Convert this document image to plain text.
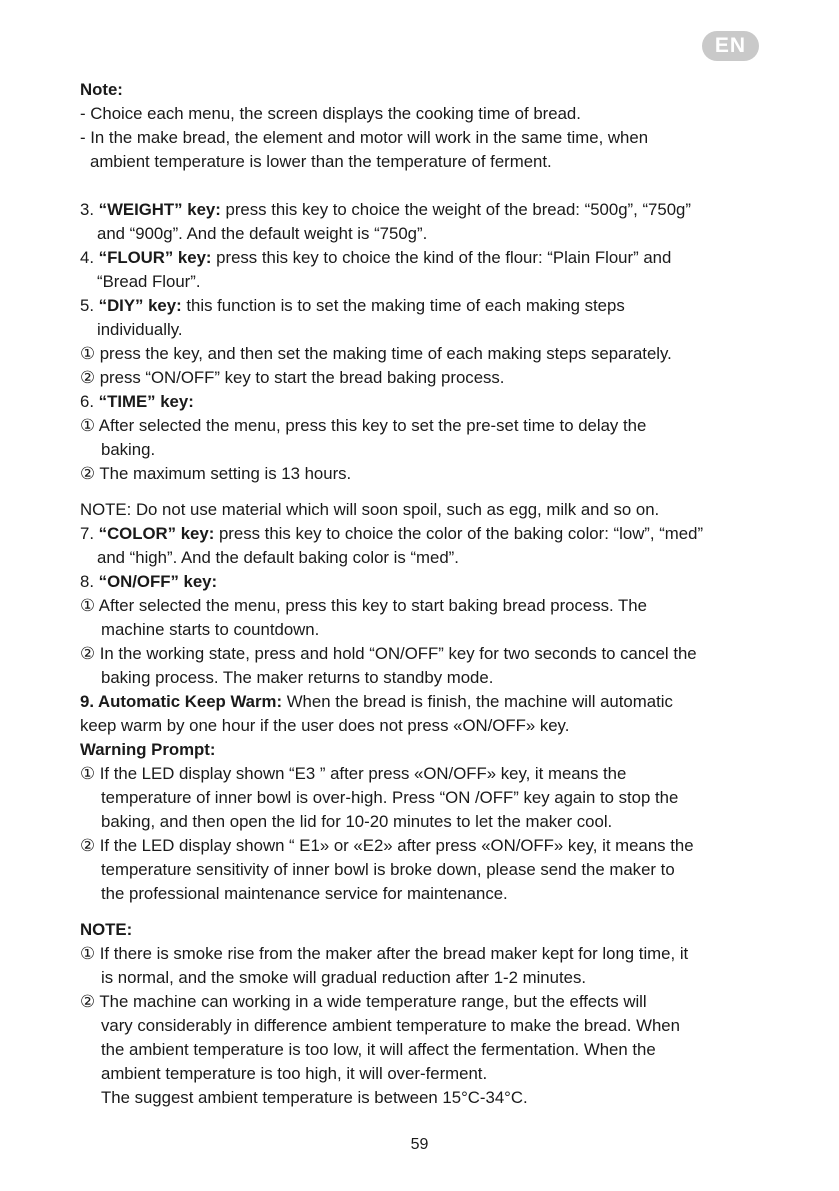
EN
Note:
- Choice each menu, the screen displays the cooking time of bread.
- In the make bread, the element and motor will work in the same time, when
ambient temperature is lower than the temperature of ferment.
3. “WEIGHT” key: press this key to choice the weight of the bread: “500g”, “750g”
and “900g”. And the default weight is “750g”.
4. “FLOUR” key: press this key to choice the kind of the flour: “Plain Flour” and
“Bread Flour”.
5. “DIY” key: this function is to set the making time of each making steps
individually.
① press the key, and then set the making time of each making steps separately.
② press “ON/OFF” key to start the bread baking process.
6. “TIME” key:
① After selected the menu, press this key to set the pre-set time to delay the
baking.
② The maximum setting is 13 hours.
NOTE: Do not use material which will soon spoil, such as egg, milk and so on.
7. “COLOR” key: press this key to choice the color of the baking color: “low”, “med”
and “high”. And the default baking color is “med”.
8. “ON/OFF” key:
① After selected the menu, press this key to start baking bread process. The
machine starts to countdown.
② In the working state, press and hold “ON/OFF” key for two seconds to cancel the
baking process. The maker returns to standby mode.
9. Automatic Keep Warm: When the bread is finish, the machine will automatic
keep warm by one hour if the user does not press «ON/OFF» key.
Warning Prompt:
① If the LED display shown “E3 ” after press «ON/OFF» key, it means the
temperature of inner bowl is over-high. Press “ON /OFF” key again to stop the
baking, and then open the lid for 10-20 minutes to let the maker cool.
② If the LED display shown “ E1» or «E2» after press «ON/OFF» key, it means the
temperature sensitivity of inner bowl is broke down, please send the maker to
the professional maintenance service for maintenance.
NOTE:
① If there is smoke rise from the maker after the bread maker kept for long time, it
is normal, and the smoke will gradual reduction after 1-2 minutes.
② The machine can working in a wide temperature range, but the effects will
vary considerably in difference ambient temperature to make the bread. When
the ambient temperature is too low, it will affect the fermentation. When the
ambient temperature is too high, it will over-ferment.
The suggest ambient temperature is between 15°C-34°C.
59
